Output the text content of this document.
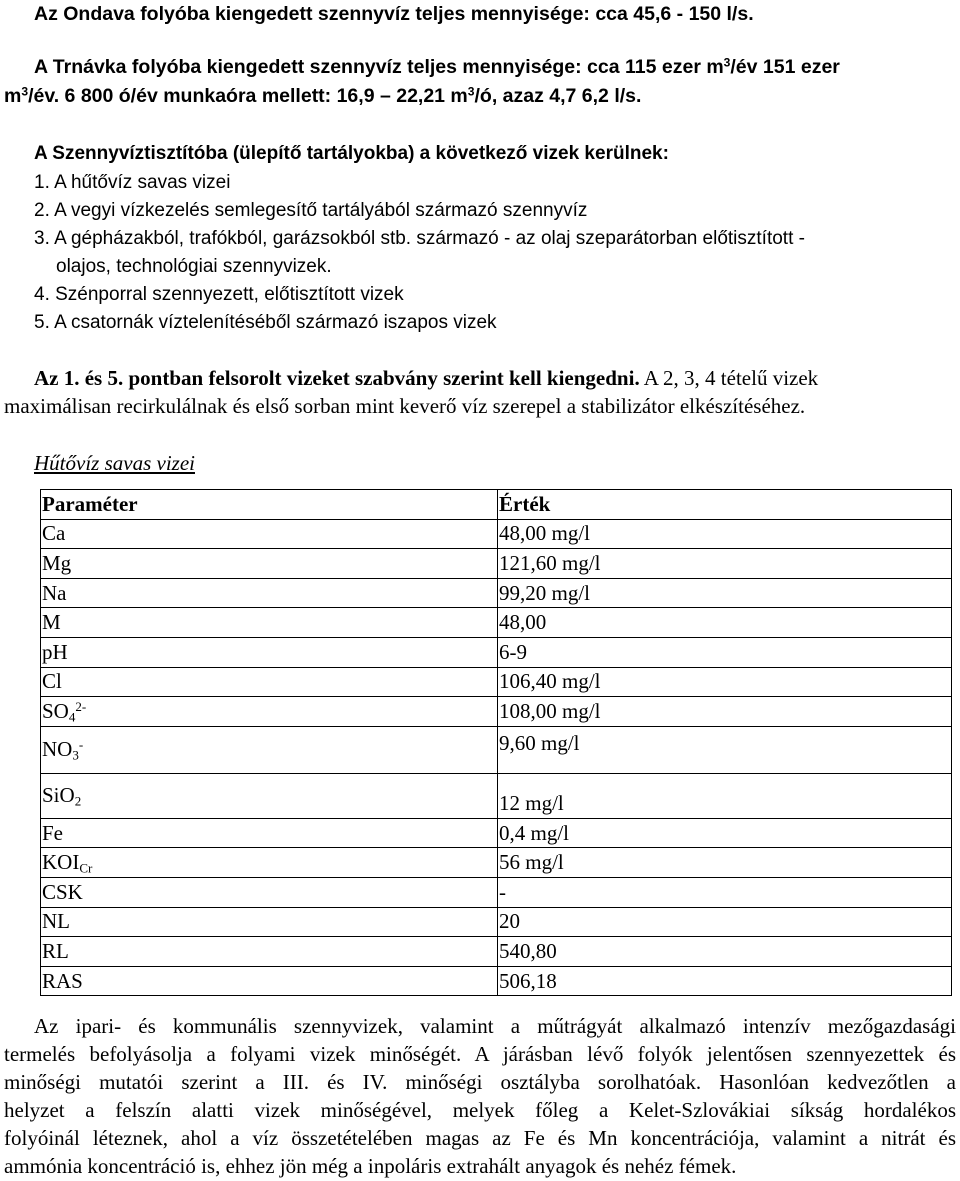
Az Ondava folyóba kiengedett szennyvíz teljes mennyisége: cca 45,6 - 150 l/s.
A Trnávka folyóba kiengedett szennyvíz teljes mennyisége: cca 115 ezer $m^3/év$ 151 ezer
$m^3/év$. 6 800 ó/év munkaóra mellett: 16,9 – 22,21 $m^3/ó$, azaz 4,7 6,2 l/s.
A Szennyvíztisztítóba (ülepítő tartályokba) a következő vizek kerülnek:
1. A hűtővíz savas vizei
2. A vegyi vízkezelés semlegesítő tartályából származó szennyvíz
3. A gépházakból, trafókból, garázsokból stb. származó - az olaj szeparátorban előtisztított -
olajos, technológiai szennyvizek.
4. Szénporral szennyezett, előtisztított vizek
5. A csatornák víztelenítéséből származó iszapos vizek
Az 1. és 5. pontban felsorolt vizeket szabvány szerint kell kiengedni. A 2, 3, 4 tételű vizek
maximálisan recirkulálnak és első sorban mint keverő víz szerepel a stabilizátor elkészítéséhez.
Hűtővíz savas vizei
Paraméter	Érték
Ca	48,00 mg/l
Mg	121,60 mg/l
Na	99,20 mg/l
M	48,00
pH	6-9
Cl	106,40 mg/l
$SO_4^{2-}$	108,00 mg/l
$NO_3^-$	9,60 mg/l
SiO$_2$	12 mg/l
Fe	0,4 mg/l
$KOI_{Cr}$	56 mg/l
CSK	-
NL	20
RL	540,80
RAS	506,18
Az ipari- és kommunális szennyvizek, valamint a műtrágyát alkalmazó intenzív mezőgazdasági
termelés befolyásolja a folyami vizek minőségét. A járásban lévő folyók jelentősen szennyezettek és
minőségi mutatói szerint a III. és IV. minőségi osztályba sorolhatóak. Hasonlóan kedvezőtlen a
helyzet a felszín alatti vizek minőségével, melyek főleg a Kelet-Szlovákiai síkság hordalékos
folyóinál léteznek, ahol a víz összetételében magas az Fe és Mn koncentrációja, valamint a nitrát és
ammónia koncentráció is, ehhez jön még a inpoláris extrahált anyagok és nehéz fémek.
